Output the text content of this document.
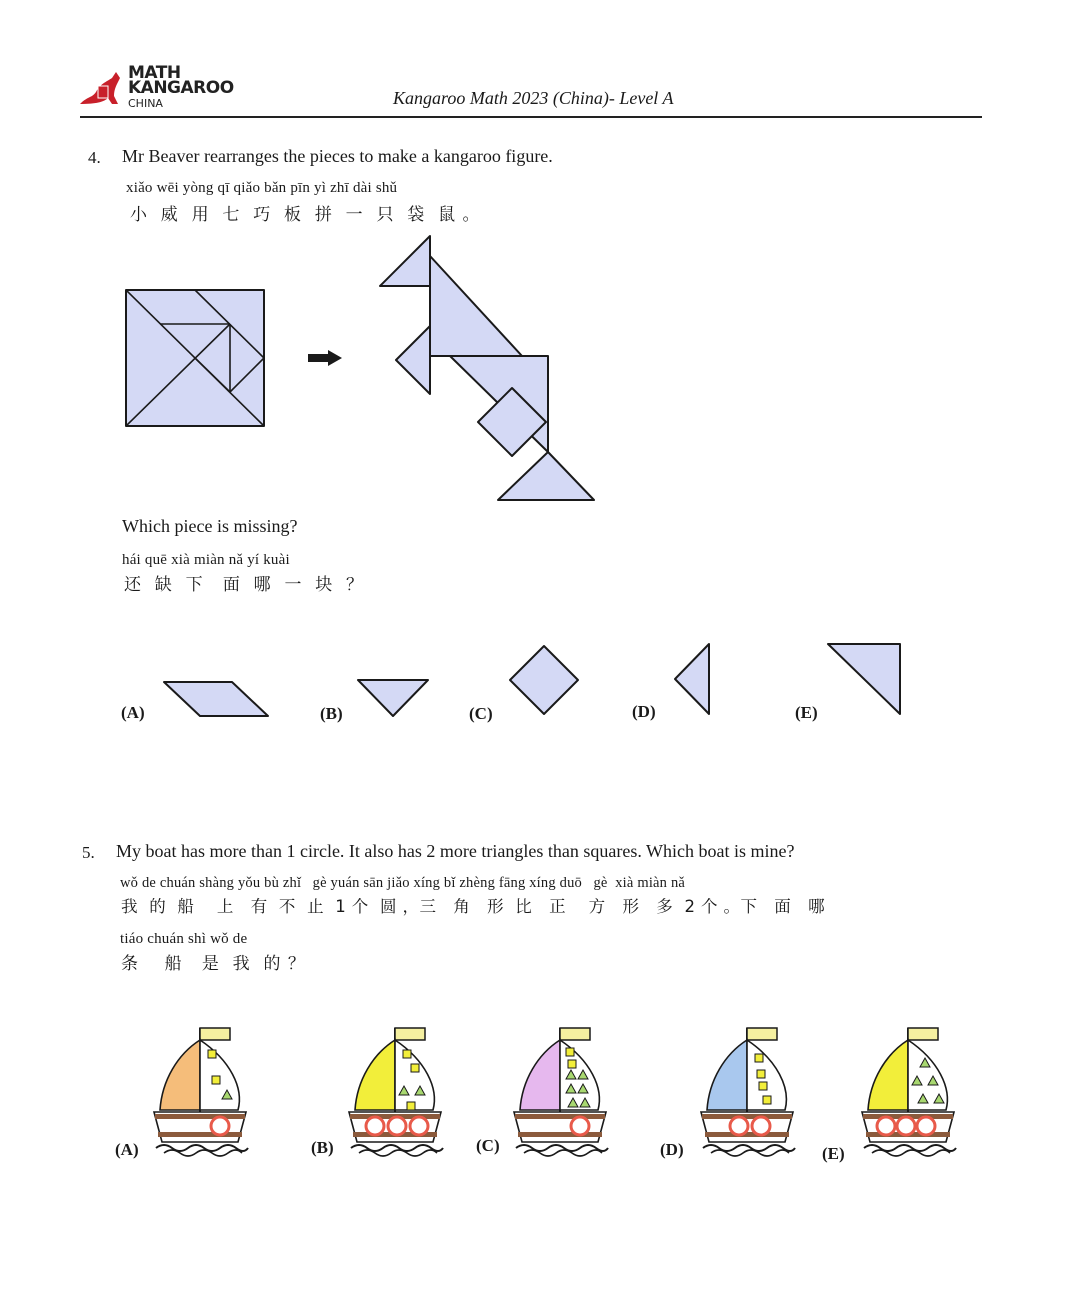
MATH
KANGAROO
CHINA	Kangaroo Math 2023 (China)- Level A
4. Mr Beaver rearranges the pieces to make a kangaroo figure.
xiǎo wēi yòng qī qiǎo bǎn pīn yì zhī dài shǔ
小  威  用  七  巧  板  拼  一  只  袋  鼠 。
Which piece is missing?
hái quē xià miàn nǎ yí kuài
还  缺  下   面  哪  一  块  ？
(A)	(B)	(C)	(D)	(E)
5. My boat has more than 1 circle. It also has 2 more triangles than squares. Which boat is mine?
wǒ de chuán shàng yǒu bù zhǐ   gè yuán sān jiǎo xíng bǐ zhèng fāng xíng duō   gè  xià miàn nǎ
我  的  船    上   有  不  止  1 个  圆 ，三   角   形  比   正    方   形   多  2 个 。下   面   哪
tiáo chuán shì wǒ de
条    船   是  我  的 ？
(A)	(B)	(C)	(D)	(E)
